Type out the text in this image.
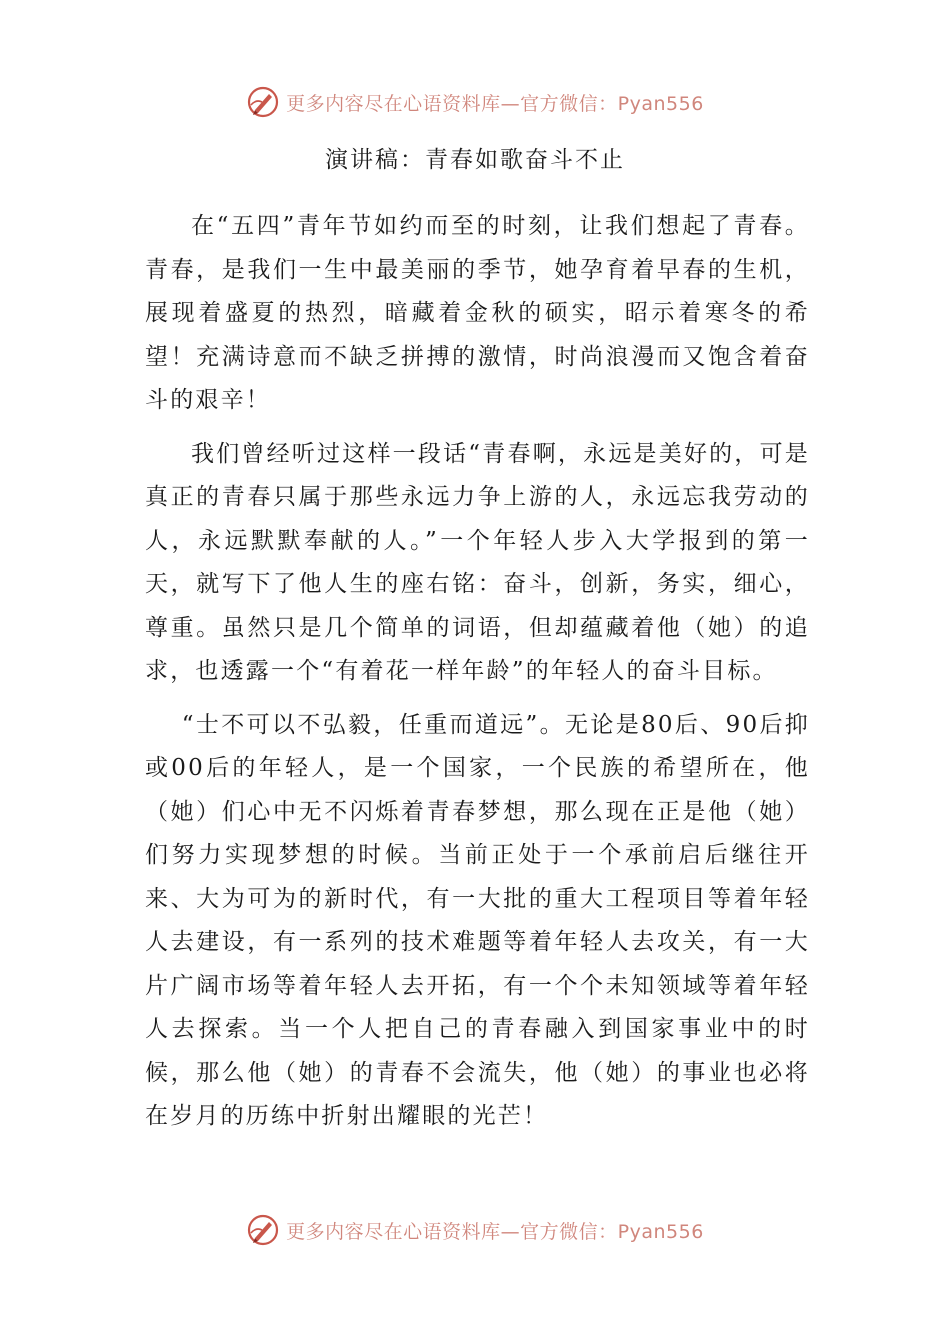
更多内容尽在心语资料库—官方微信：Pyan556
演讲稿：青春如歌奋斗不止

在“五四”青年节如约而至的时刻，让我们想起了青春。青春，是我们一生中最美丽的季节，她孕育着早春的生机，展现着盛夏的热烈，暗藏着金秋的硕实，昭示着寒冬的希望！充满诗意而不缺乏拼搏的激情，时尚浪漫而又饱含着奋斗的艰辛！

我们曾经听过这样一段话“青春啊，永远是美好的，可是真正的青春只属于那些永远力争上游的人，永远忘我劳动的人，永远默默奉献的人。”一个年轻人步入大学报到的第一天，就写下了他人生的座右铭：奋斗，创新，务实，细心，尊重。虽然只是几个简单的词语，但却蕴藏着他（她）的追求，也透露一个“有着花一样年龄”的年轻人的奋斗目标。

“士不可以不弘毅，任重而道远”。无论是80后、90后抑或00后的年轻人，是一个国家，一个民族的希望所在，他（她）们心中无不闪烁着青春梦想，那么现在正是他（她）们努力实现梦想的时候。当前正处于一个承前启后继往开来、大为可为的新时代，有一大批的重大工程项目等着年轻人去建设，有一系列的技术难题等着年轻人去攻关，有一大片广阔市场等着年轻人去开拓，有一个个未知领域等着年轻人去探索。当一个人把自己的青春融入到国家事业中的时候，那么他（她）的青春不会流失，他（她）的事业也必将在岁月的历练中折射出耀眼的光芒！

更多内容尽在心语资料库—官方微信：Pyan556
